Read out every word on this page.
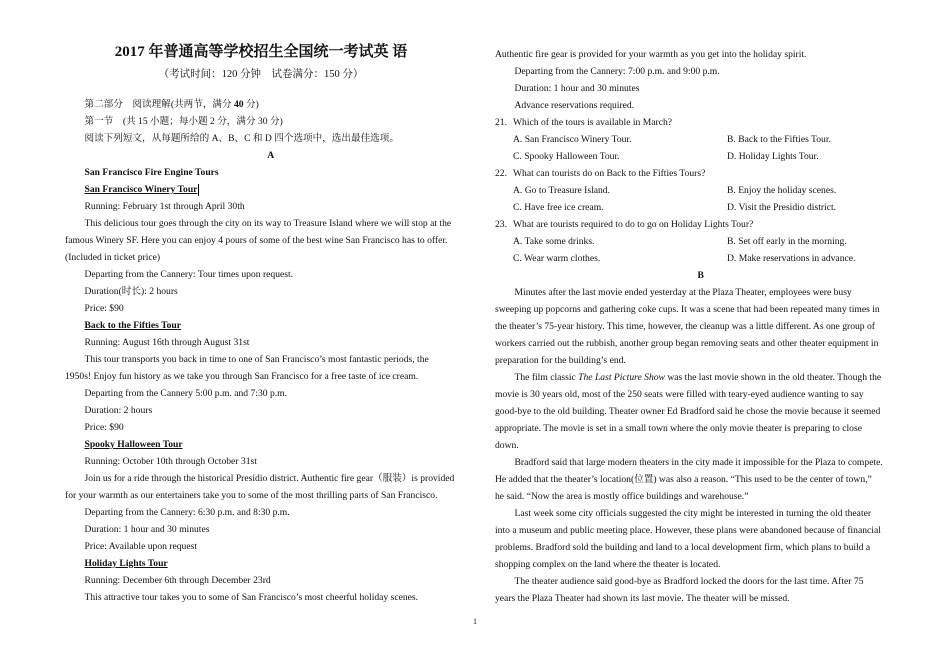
2017 年普通高等学校招生全国统一考试英 语
（考试时间：120 分钟　试卷满分：150 分）
第二部分　阅读理解(共两节，满分 40 分)
第一节　(共 15 小题；每小题 2 分，满分 30 分)
阅读下列短文，从每题所给的 A、B、C 和 D 四个选项中，选出最佳选项。
A
San Francisco Fire Engine Tours
San Francisco Winery Tour
Running: February 1st through April 30th
This delicious tour goes through the city on its way to Treasure Island where we will stop at the
famous Winery SF. Here you can enjoy 4 pours of some of the best wine San Francisco has to offer.
(Included in ticket price)
Departing from the Cannery: Tour times upon request.
Duration(时长): 2 hours
Price: $90
Back to the Fifties Tour
Running: August 16th through August 31st
This tour transports you back in time to one of San Francisco’s most fantastic periods, the
1950s! Enjoy fun history as we take you through San Francisco for a free taste of ice cream.
Departing from the Cannery 5:00 p.m. and 7:30 p.m.
Duration: 2 hours
Price: $90
Spooky Halloween Tour
Running: October 10th through October 31st
Join us for a ride through the historical Presidio district. Authentic fire gear（服装）is provided
for your warmth as our entertainers take you to some of the most thrilling parts of San Francisco.
Departing from the Cannery: 6:30 p.m. and 8:30 p.m.
Duration: 1 hour and 30 minutes
Price: Available upon request
Holiday Lights Tour
Running: December 6th through December 23rd
This attractive tour takes you to some of San Francisco’s most cheerful holiday scenes.
Authentic fire gear is provided for your warmth as you get into the holiday spirit.
Departing from the Cannery: 7:00 p.m. and 9:00 p.m.
Duration: 1 hour and 30 minutes
Advance reservations required.
21. Which of the tours is available in March?
A. San Francisco Winery Tour.	B. Back to the Fifties Tour.
C. Spooky Halloween Tour.	D. Holiday Lights Tour.
22. What can tourists do on Back to the Fifties Tours?
A. Go to Treasure Island.	B. Enjoy the holiday scenes.
C. Have free ice cream.	D. Visit the Presidio district.
23. What are tourists required to do to go on Holiday Lights Tour?
A. Take some drinks.	B. Set off early in the morning.
C. Wear warm clothes.	D. Make reservations in advance.
B
Minutes after the last movie ended yesterday at the Plaza Theater, employees were busy
sweeping up popcorns and gathering coke cups. It was a scene that had been repeated many times in
the theater’s 75-year history. This time, however, the cleanup was a little different. As one group of
workers carried out the rubbish, another group began removing seats and other theater equipment in
preparation for the building’s end.
The film classic The Last Picture Show was the last movie shown in the old theater. Though the
movie is 30 years old, most of the 250 seats were filled with teary-eyed audience wanting to say
good-bye to the old building. Theater owner Ed Bradford said he chose the movie because it seemed
appropriate. The movie is set in a small town where the only movie theater is preparing to close
down.
Bradford said that large modern theaters in the city made it impossible for the Plaza to compete.
He added that the theater’s location(位置) was also a reason. “This used to be the center of town,”
he said. “Now the area is mostly office buildings and warehouse.”
Last week some city officials suggested the city might be interested in turning the old theater
into a museum and public meeting place. However, these plans were abandoned because of financial
problems. Bradford sold the building and land to a local development firm, which plans to build a
shopping complex on the land where the theater is located.
The theater audience said good-bye as Bradford locked the doors for the last time. After 75
years the Plaza Theater had shown its last movie. The theater will be missed.
1
